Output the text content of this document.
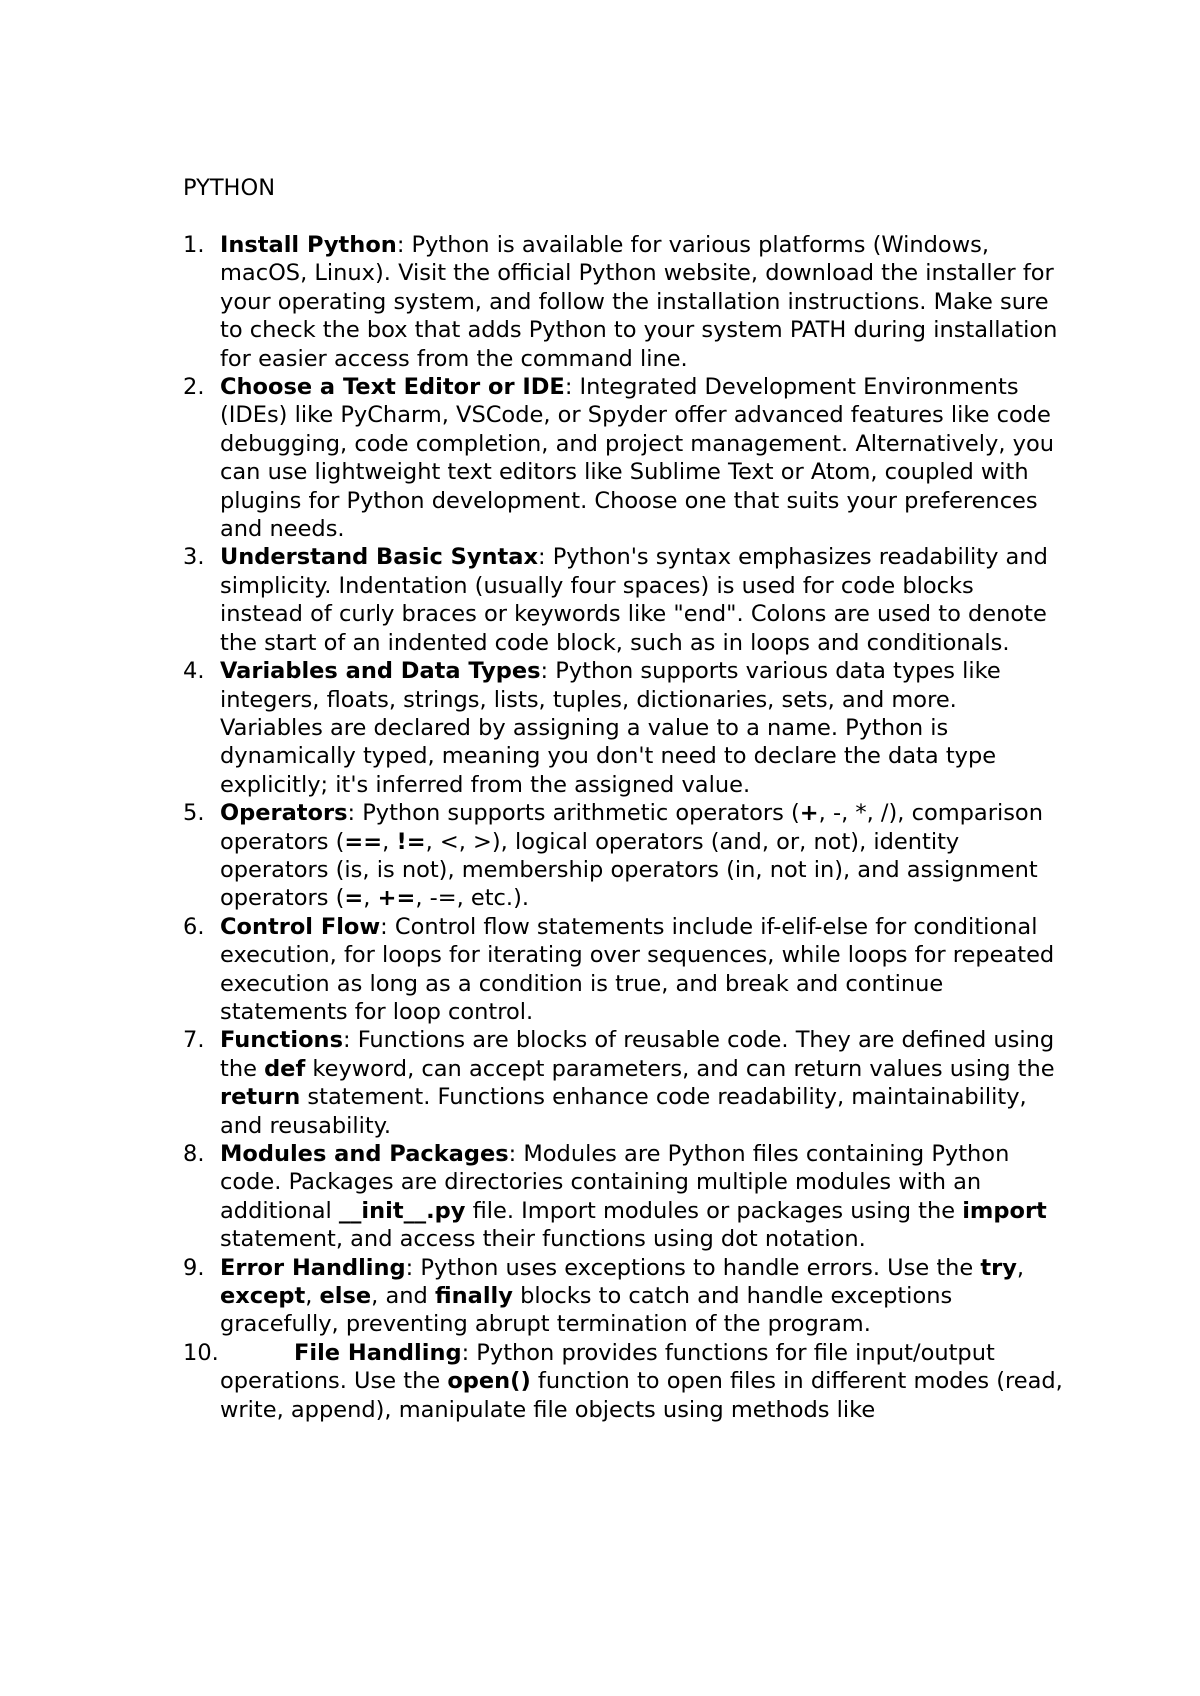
PYTHON
1. Install Python: Python is available for various platforms (Windows, macOS, Linux). Visit the official Python website, download the installer for your operating system, and follow the installation instructions. Make sure to check the box that adds Python to your system PATH during installation for easier access from the command line.
2. Choose a Text Editor or IDE: Integrated Development Environments (IDEs) like PyCharm, VSCode, or Spyder offer advanced features like code debugging, code completion, and project management. Alternatively, you can use lightweight text editors like Sublime Text or Atom, coupled with plugins for Python development. Choose one that suits your preferences and needs.
3. Understand Basic Syntax: Python's syntax emphasizes readability and simplicity. Indentation (usually four spaces) is used for code blocks instead of curly braces or keywords like "end". Colons are used to denote the start of an indented code block, such as in loops and conditionals.
4. Variables and Data Types: Python supports various data types like integers, floats, strings, lists, tuples, dictionaries, sets, and more. Variables are declared by assigning a value to a name. Python is dynamically typed, meaning you don't need to declare the data type explicitly; it's inferred from the assigned value.
5. Operators: Python supports arithmetic operators (+, -, *, /), comparison operators (==, !=, <, >), logical operators (and, or, not), identity operators (is, is not), membership operators (in, not in), and assignment operators (=, +=, -=, etc.).
6. Control Flow: Control flow statements include if-elif-else for conditional execution, for loops for iterating over sequences, while loops for repeated execution as long as a condition is true, and break and continue statements for loop control.
7. Functions: Functions are blocks of reusable code. They are defined using the def keyword, can accept parameters, and can return values using the return statement. Functions enhance code readability, maintainability, and reusability.
8. Modules and Packages: Modules are Python files containing Python code. Packages are directories containing multiple modules with an additional __init__.py file. Import modules or packages using the import statement, and access their functions using dot notation.
9. Error Handling: Python uses exceptions to handle errors. Use the try, except, else, and finally blocks to catch and handle exceptions gracefully, preventing abrupt termination of the program.
10.	File Handling: Python provides functions for file input/output operations. Use the open() function to open files in different modes (read, write, append), manipulate file objects using methods like
